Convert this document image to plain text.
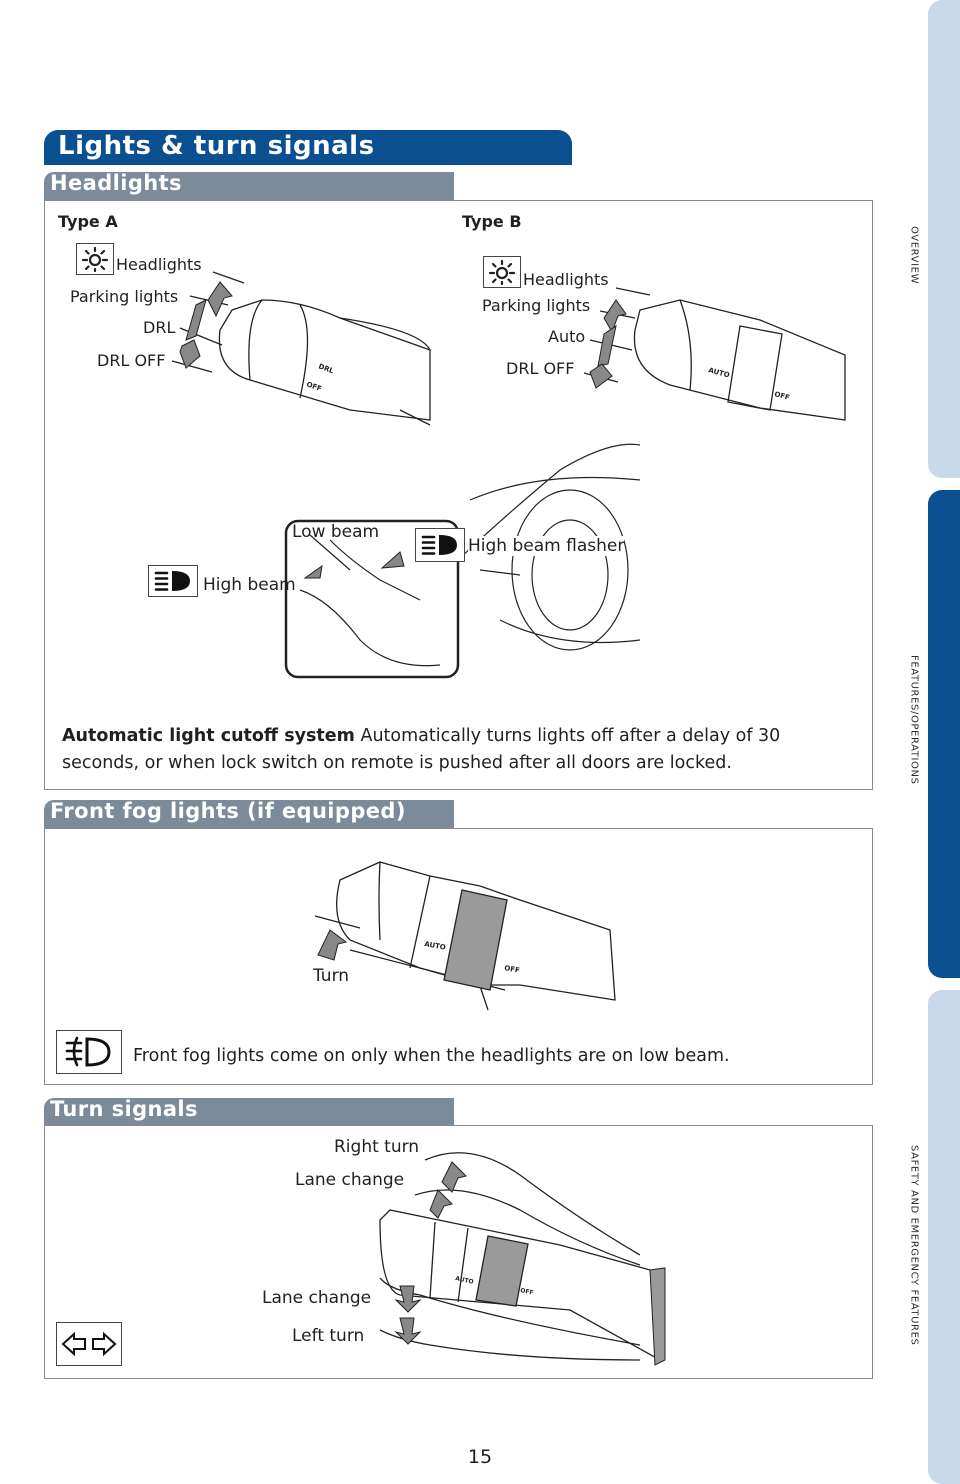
OVERVIEW
FEATURES/OPERATIONS
SAFETY AND EMERGENCY FEATURES
Lights & turn signals
Headlights
Type A	Type B
Headlights
Parking lights
DRL
DRL OFF	DRL
OFF
Headlights
Parking lights
Auto
DRL OFF	AUTO
OFF
Low beam
High beam
High beam flasher
Automatic light cutoff system Automatically turns lights off after a delay of 30 seconds, or when lock switch on remote is pushed after all doors are locked.
Front fog lights (if equipped)
AUTO
OFF
Turn
Front fog lights come on only when the headlights are on low beam.
Turn signals
AUTO
OFF
Right turn
Lane change
Lane change
Left turn
15
